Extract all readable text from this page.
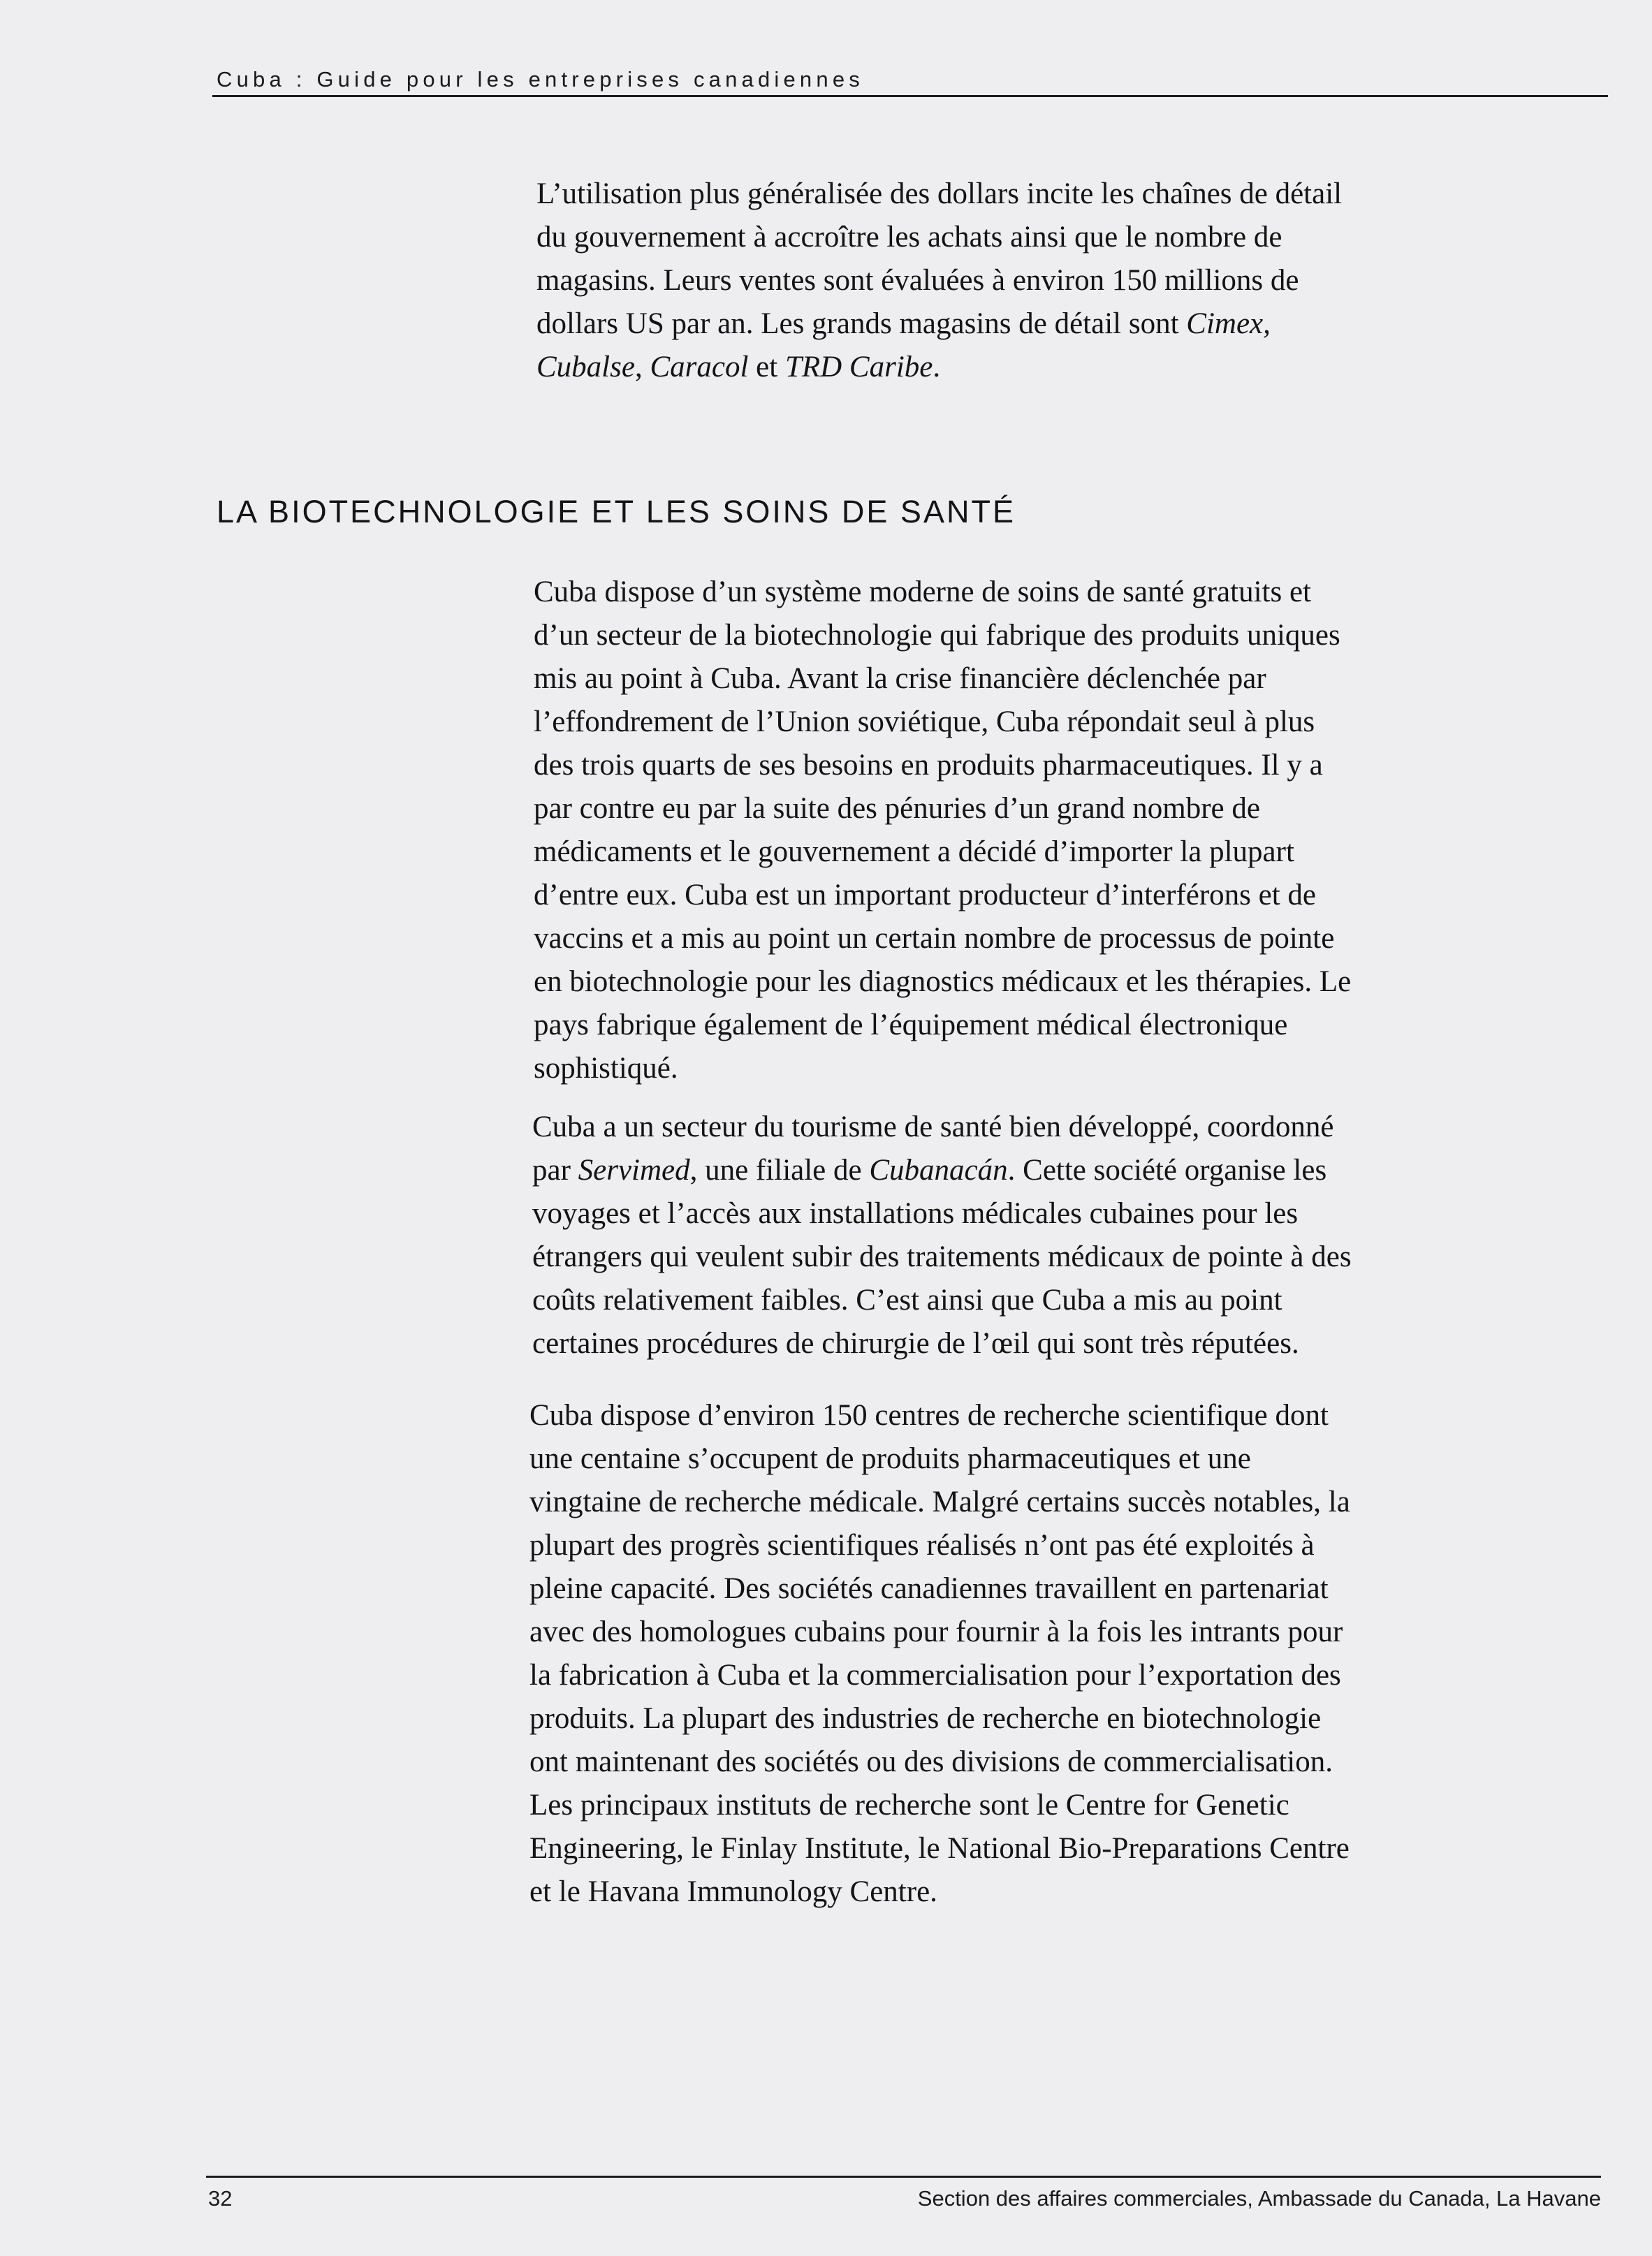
Cuba : Guide pour les entreprises canadiennes
L’utilisation plus généralisée des dollars incite les chaînes de détail
du gouvernement à accroître les achats ainsi que le nombre de
magasins. Leurs ventes sont évaluées à environ 150 millions de
dollars US par an. Les grands magasins de détail sont Cimex,
Cubalse, Caracol et TRD Caribe.
LA BIOTECHNOLOGIE ET LES SOINS DE SANTÉ
Cuba dispose d’un système moderne de soins de santé gratuits et
d’un secteur de la biotechnologie qui fabrique des produits uniques
mis au point à Cuba. Avant la crise financière déclenchée par
l’effondrement de l’Union soviétique, Cuba répondait seul à plus
des trois quarts de ses besoins en produits pharmaceutiques. Il y a
par contre eu par la suite des pénuries d’un grand nombre de
médicaments et le gouvernement a décidé d’importer la plupart
d’entre eux. Cuba est un important producteur d’interférons et de
vaccins et a mis au point un certain nombre de processus de pointe
en biotechnologie pour les diagnostics médicaux et les thérapies. Le
pays fabrique également de l’équipement médical électronique
sophistiqué.
Cuba a un secteur du tourisme de santé bien développé, coordonné
par Servimed, une filiale de Cubanacán. Cette société organise les
voyages et l’accès aux installations médicales cubaines pour les
étrangers qui veulent subir des traitements médicaux de pointe à des
coûts relativement faibles. C’est ainsi que Cuba a mis au point
certaines procédures de chirurgie de l’œil qui sont très réputées.
Cuba dispose d’environ 150 centres de recherche scientifique dont
une centaine s’occupent de produits pharmaceutiques et une
vingtaine de recherche médicale. Malgré certains succès notables, la
plupart des progrès scientifiques réalisés n’ont pas été exploités à
pleine capacité. Des sociétés canadiennes travaillent en partenariat
avec des homologues cubains pour fournir à la fois les intrants pour
la fabrication à Cuba et la commercialisation pour l’exportation des
produits. La plupart des industries de recherche en biotechnologie
ont maintenant des sociétés ou des divisions de commercialisation.
Les principaux instituts de recherche sont le Centre for Genetic
Engineering, le Finlay Institute, le National Bio-Preparations Centre
et le Havana Immunology Centre.
32	Section des affaires commerciales, Ambassade du Canada, La Havane
